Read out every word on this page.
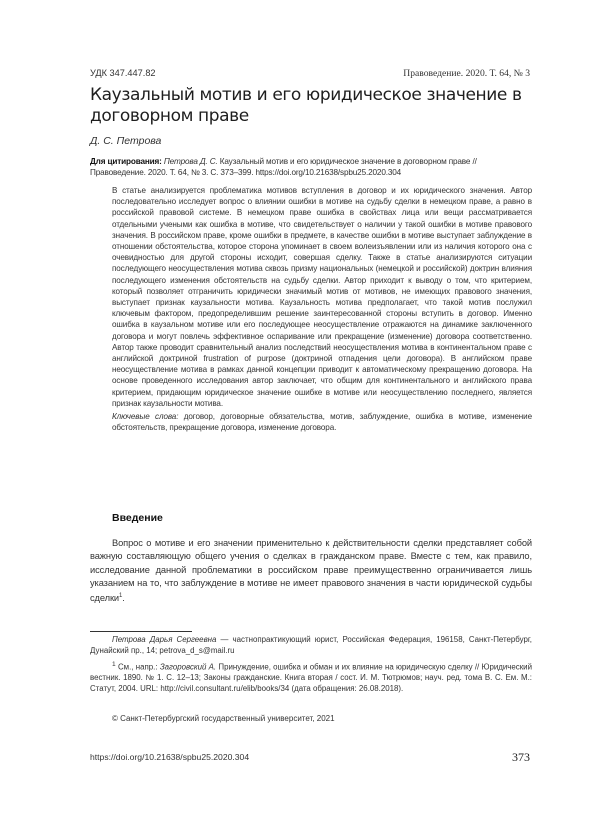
УДК 347.447.82	Правоведение. 2020. Т. 64, № 3
Каузальный мотив и его юридическое значение в договорном праве
Д. С. Петрова
Для цитирования: Петрова Д. С. Каузальный мотив и его юридическое значение в договорном праве // Правоведение. 2020. Т. 64, № 3. С. 373–399. https://doi.org/10.21638/spbu25.2020.304

В статье анализируется проблематика мотивов вступления в договор и их юридического значения. Автор последовательно исследует вопрос о влиянии ошибки в мотиве на судьбу сделки в немецком праве, а равно в российской правовой системе. В немецком праве ошибка в свойствах лица или вещи рассматривается отдельными учеными как ошибка в мотиве, что свидетельствует о наличии у такой ошибки в мотиве правового значения. В российском праве, кроме ошибки в предмете, в качестве ошибки в мотиве выступает заблуждение в отношении обстоятельства, которое сторона упоминает в своем волеизъявлении или из наличия которого она с очевидностью для другой стороны исходит, совершая сделку. Также в статье анализируются ситуации последующего неосуществления мотива сквозь призму национальных (немецкой и российской) доктрин влияния последующего изменения обстоятельств на судьбу сделки. Автор приходит к выводу о том, что критерием, который позволяет отграничить юридически значимый мотив от мотивов, не имеющих правового значения, выступает признак каузальности мотива. Каузальность мотива предполагает, что такой мотив послужил ключевым фактором, предопределившим решение заинтересованной стороны вступить в договор. Именно ошибка в каузальном мотиве или его последующее неосуществление отражаются на динамике заключенного договора и могут повлечь эффективное оспаривание или прекращение (изменение) договора соответственно. Автор также проводит сравнительный анализ последствий неосуществления мотива в континентальном праве с английской доктриной frustration of purpose (доктриной отпадения цели договора). В английском праве неосуществление мотива в рамках данной концепции приводит к автоматическому прекращению договора. На основе проведенного исследования автор заключает, что общим для континентального и английского права критерием, придающим юридическое значение ошибке в мотиве или неосуществлению последнего, является признак каузальности мотива.

Ключевые слова: договор, договорные обязательства, мотив, заблуждение, ошибка в мотиве, изменение обстоятельств, прекращение договора, изменение договора.

Введение

Вопрос о мотиве и его значении применительно к действительности сделки представляет собой важную составляющую общего учения о сделках в гражданском праве. Вместе с тем, как правило, исследование данной проблематики в российском праве преимущественно ограничивается лишь указанием на то, что заблуждение в мотиве не имеет правового значения в части юридической судьбы сделки$^1$.

Петрова Дарья Сергеевна — частнопрактикующий юрист, Российская Федерация, 196158, Санкт-Петербург, Дунайский пр., 14; petrova_d_s@mail.ru

$^1$ См., напр.: Загоровский А. Принуждение, ошибка и обман и их влияние на юридическую сделку // Юридический вестник. 1890. № 1. С. 12–13; Законы гражданские. Книга вторая / сост. И. М. Тютрюмов; науч. ред. тома В. С. Ем. М.: Статут, 2004. URL: http://civil.consultant.ru/elib/books/34 (дата обращения: 26.08.2018).

© Санкт-Петербургский государственный университет, 2021
https://doi.org/10.21638/spbu25.2020.304	373
